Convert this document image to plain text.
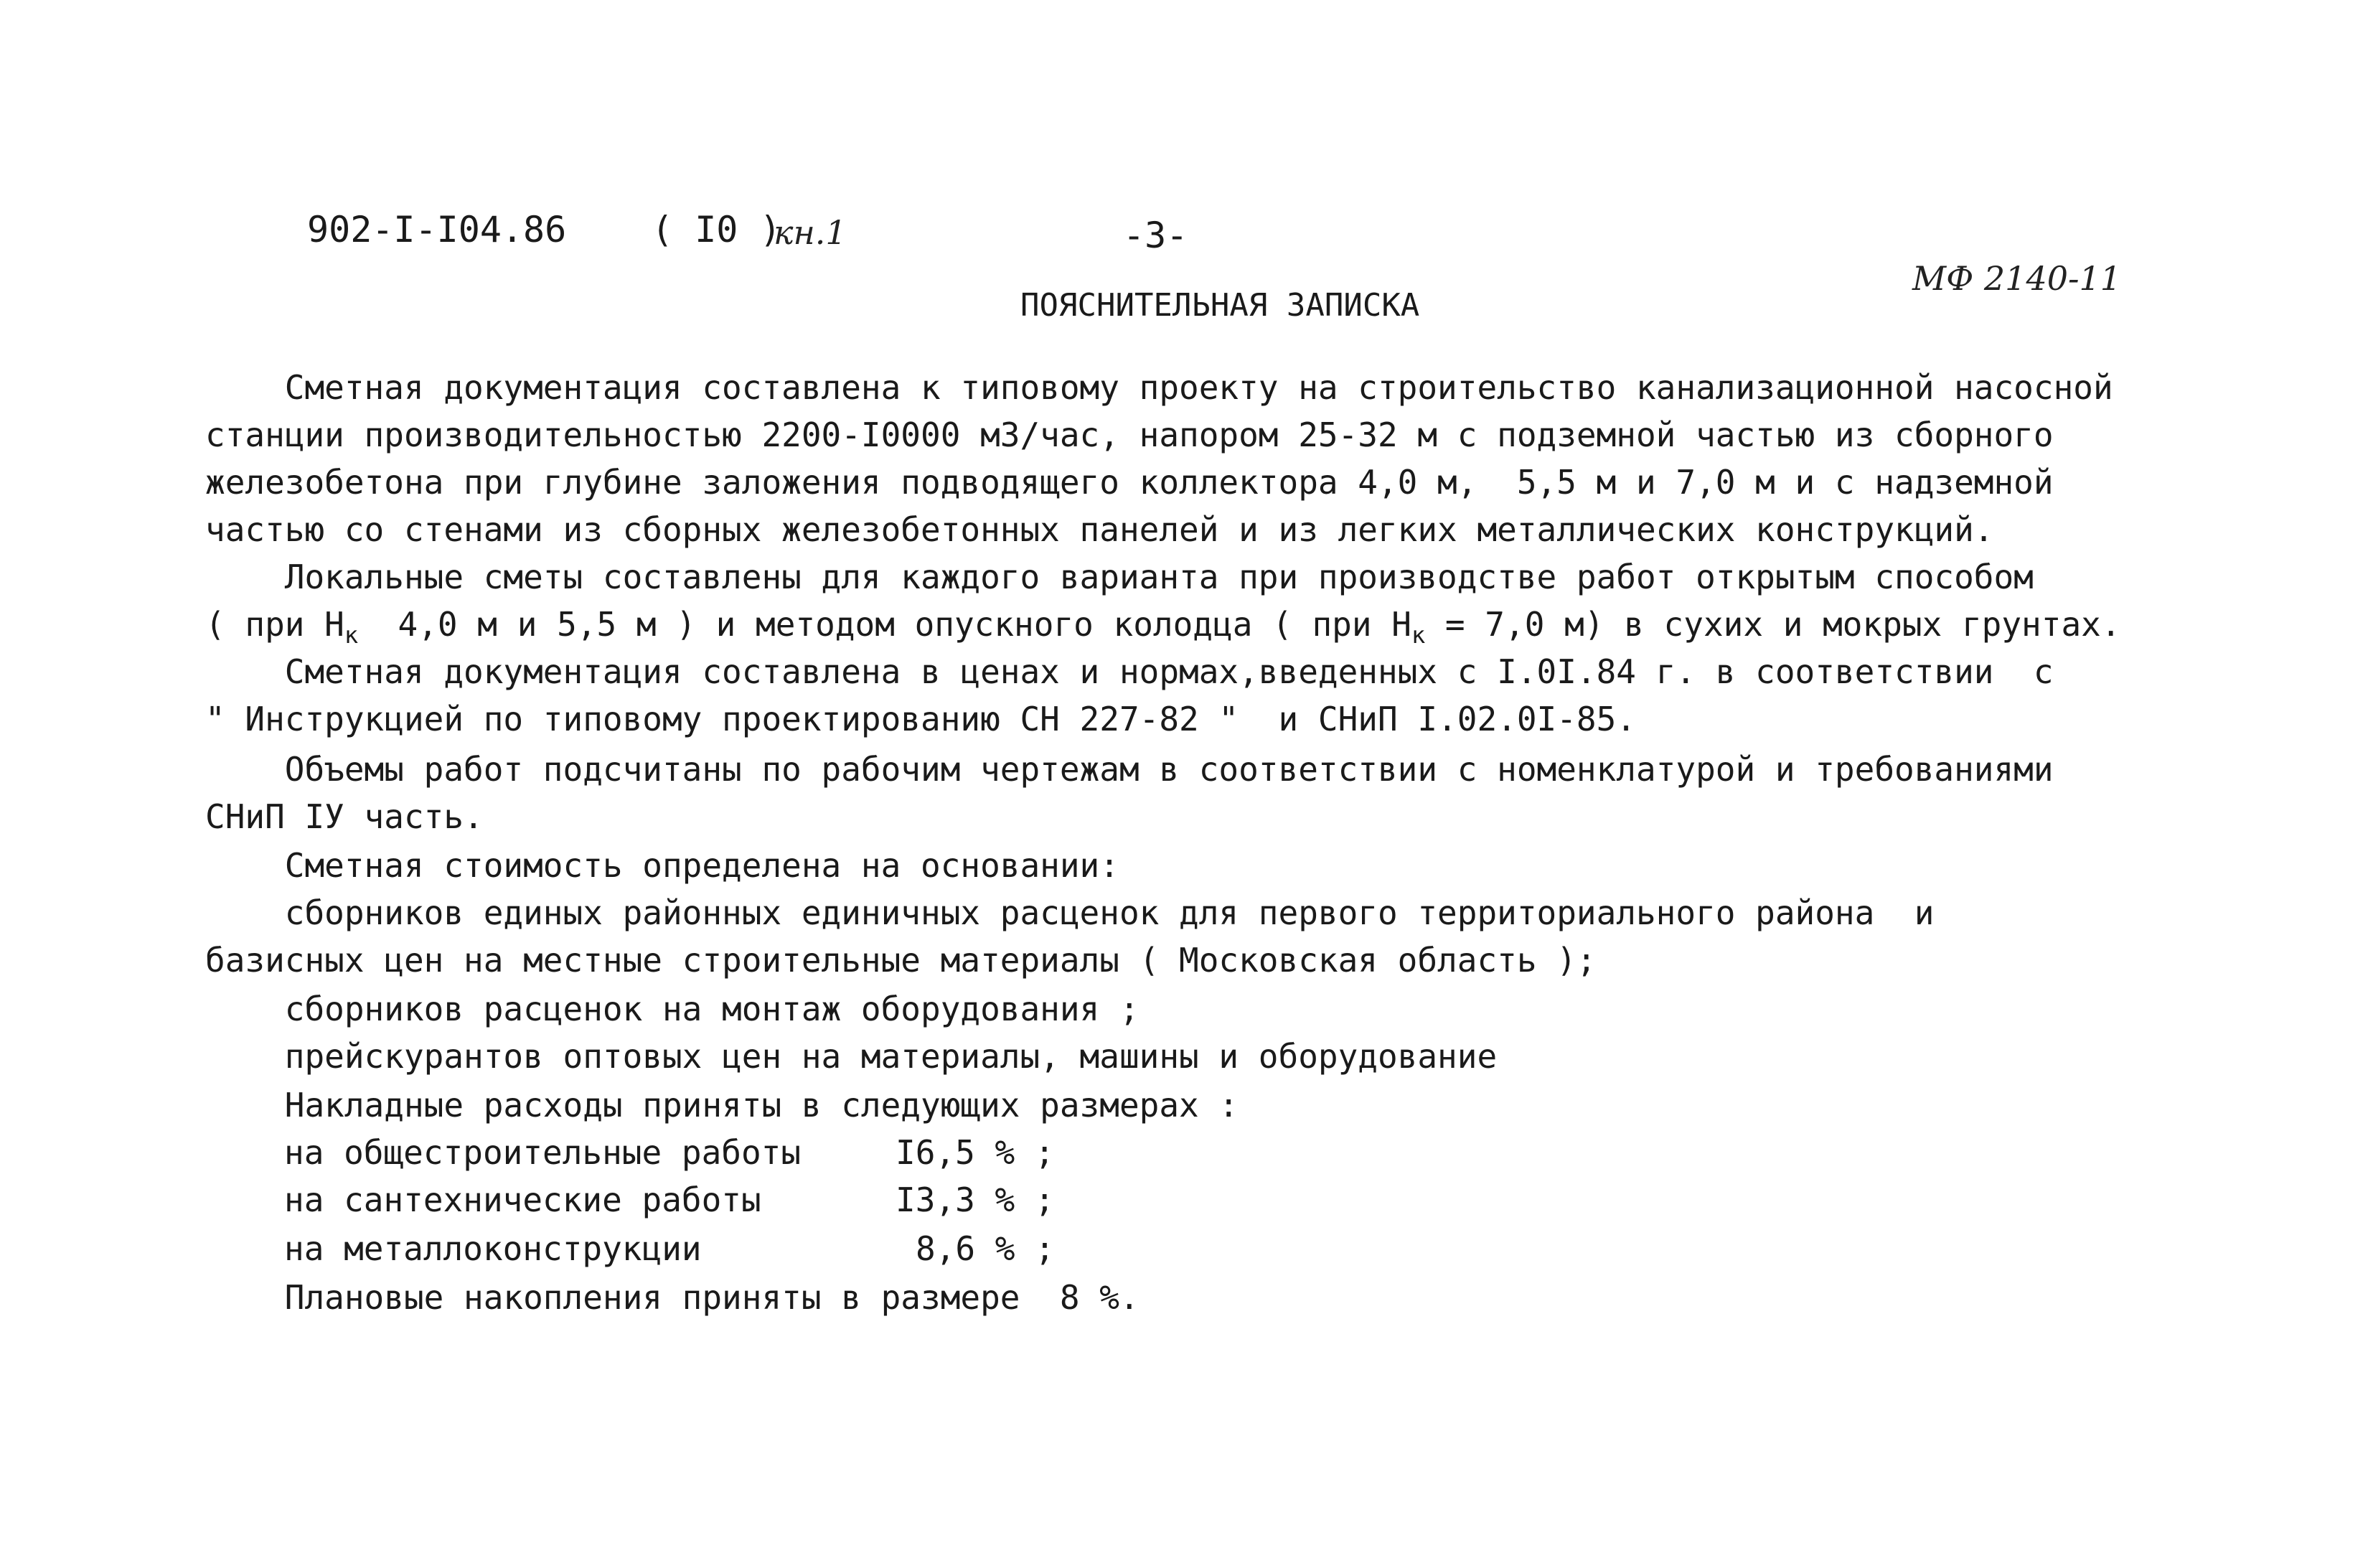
902-I-I04.86 ( I0 )
кн.1	-3-
МФ 2140-11
ПОЯСНИТЕЛЬНАЯ ЗАПИСКА
Сметная документация составлена к типовому проекту на строительство канализационной насосной
станции производительностью 2200-I0000 м3/час, напором 25-32 м с подземной частью из сборного
железобетона при глубине заложения подводящего коллектора 4,0 м,  5,5 м и 7,0 м и с надземной
частью со стенами из сборных железобетонных панелей и из легких металлических конструкций.
Локальные сметы составлены для каждого варианта при производстве работ открытым способом
( при $Н_к$  4,0 м и 5,5 м ) и методом опускного колодца ( при $Н_к = 7,0$ м) в сухих и мокрых грунтах.
Сметная документация составлена в ценах и нормах,введенных с I.0I.84 г. в соответствии  с
" Инструкцией по типовому проектированию СН 227-82 "  и СНиП I.02.0I-85.
Объемы работ подсчитаны по рабочим чертежам в соответствии с номенклатурой и требованиями
СНиП IУ часть.
Сметная стоимость определена на основании:
сборников единых районных единичных расценок для первого территориального района  и
базисных цен на местные строительные материалы ( Московская область );
сборников расценок на монтаж оборудования ;
прейскурантов оптовых цен на материалы, машины и оборудование
Накладные расходы приняты в следующих размерах :
на общестроительные работы	I6,5 % ;
на сантехнические работы	I3,3 % ;
на металлоконструкции	8,6 % ;
Плановые накопления приняты в размере  8 %.
